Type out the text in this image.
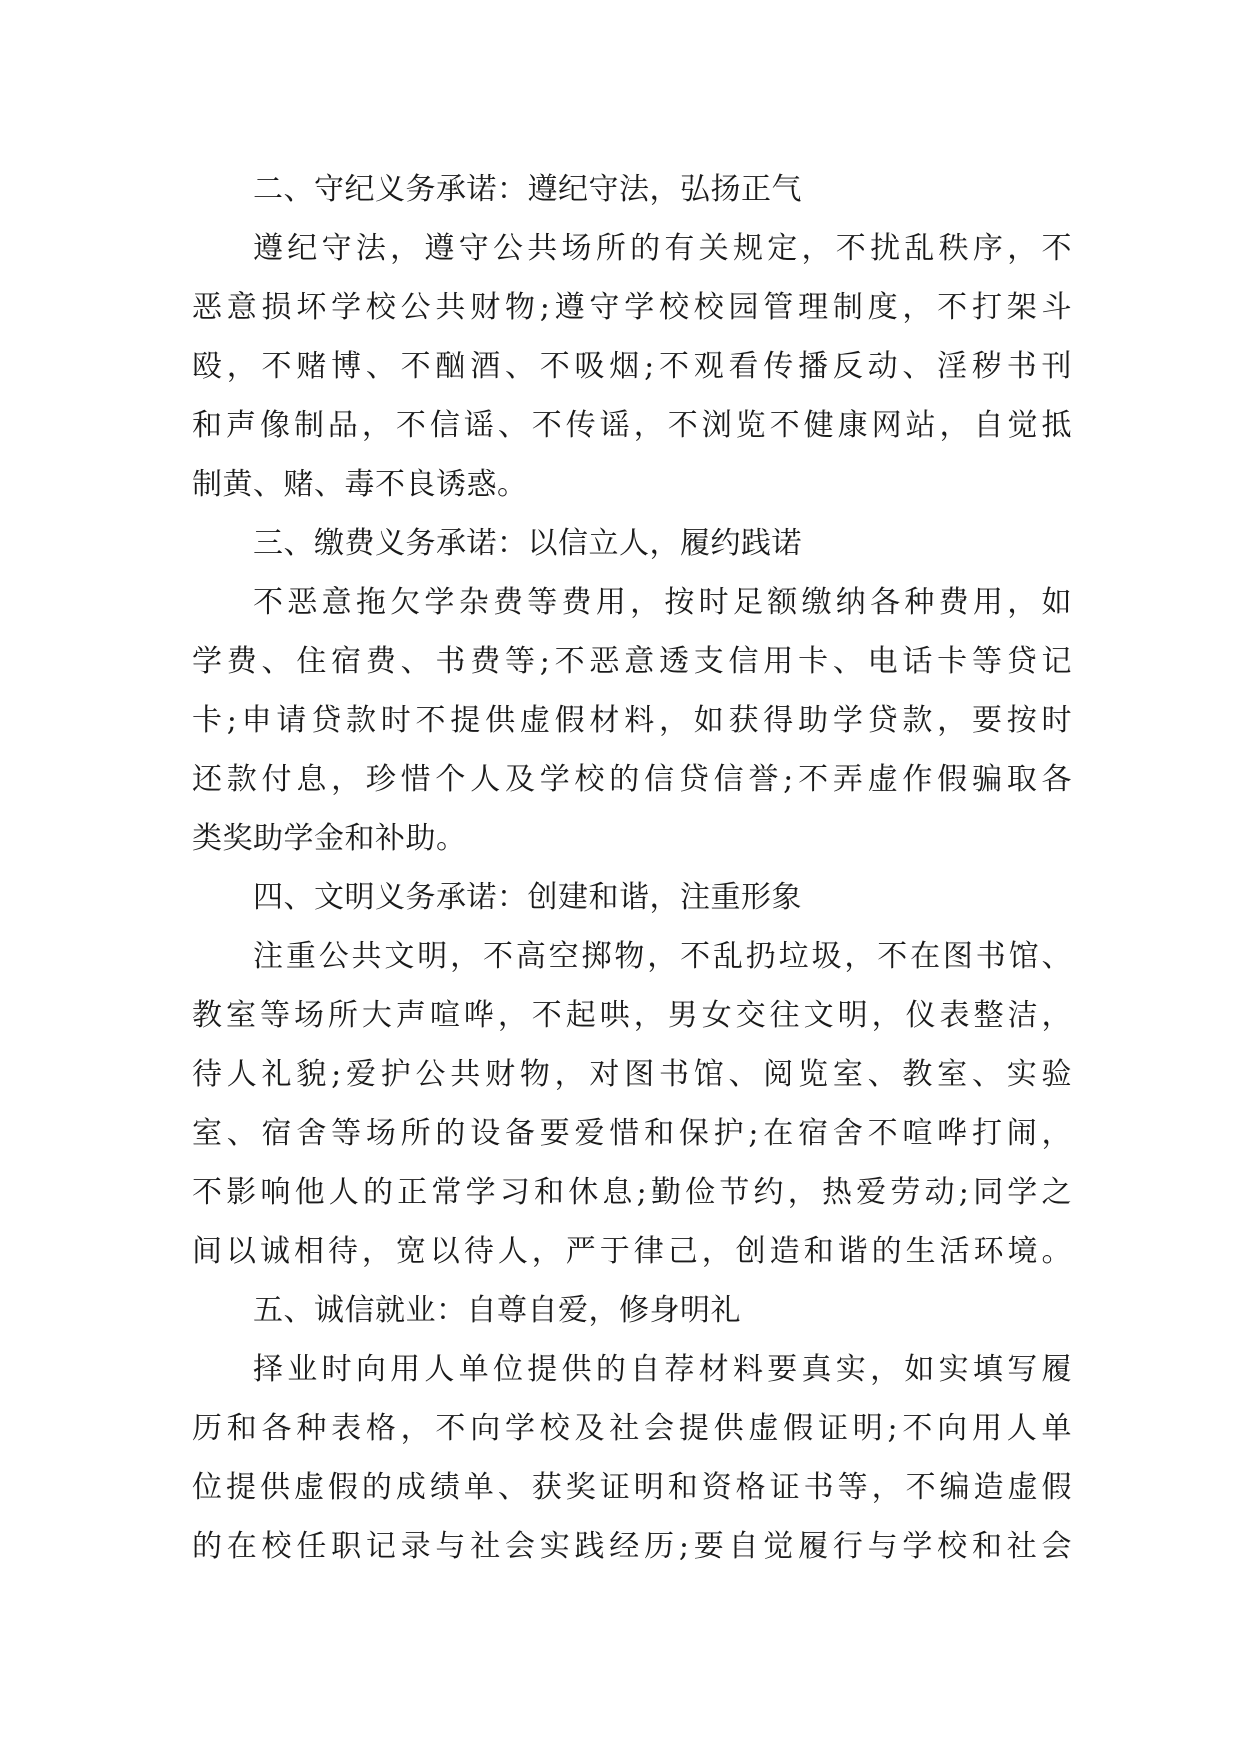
二、守纪义务承诺：遵纪守法，弘扬正气
遵纪守法，遵守公共场所的有关规定，不扰乱秩序，不
恶意损坏学校公共财物;遵守学校校园管理制度，不打架斗
殴，不赌博、不酗酒、不吸烟;不观看传播反动、淫秽书刊
和声像制品，不信谣、不传谣，不浏览不健康网站，自觉抵
制黄、赌、毒不良诱惑。
三、缴费义务承诺：以信立人，履约践诺
不恶意拖欠学杂费等费用，按时足额缴纳各种费用，如
学费、住宿费、书费等;不恶意透支信用卡、电话卡等贷记
卡;申请贷款时不提供虚假材料，如获得助学贷款，要按时
还款付息，珍惜个人及学校的信贷信誉;不弄虚作假骗取各
类奖助学金和补助。
四、文明义务承诺：创建和谐，注重形象
注重公共文明，不高空掷物，不乱扔垃圾，不在图书馆、
教室等场所大声喧哗，不起哄，男女交往文明，仪表整洁，
待人礼貌;爱护公共财物，对图书馆、阅览室、教室、实验
室、宿舍等场所的设备要爱惜和保护;在宿舍不喧哗打闹，
不影响他人的正常学习和休息;勤俭节约，热爱劳动;同学之
间以诚相待，宽以待人，严于律己，创造和谐的生活环境。
五、诚信就业：自尊自爱，修身明礼
择业时向用人单位提供的自荐材料要真实，如实填写履
历和各种表格，不向学校及社会提供虚假证明;不向用人单
位提供虚假的成绩单、获奖证明和资格证书等，不编造虚假
的在校任职记录与社会实践经历;要自觉履行与学校和社会
